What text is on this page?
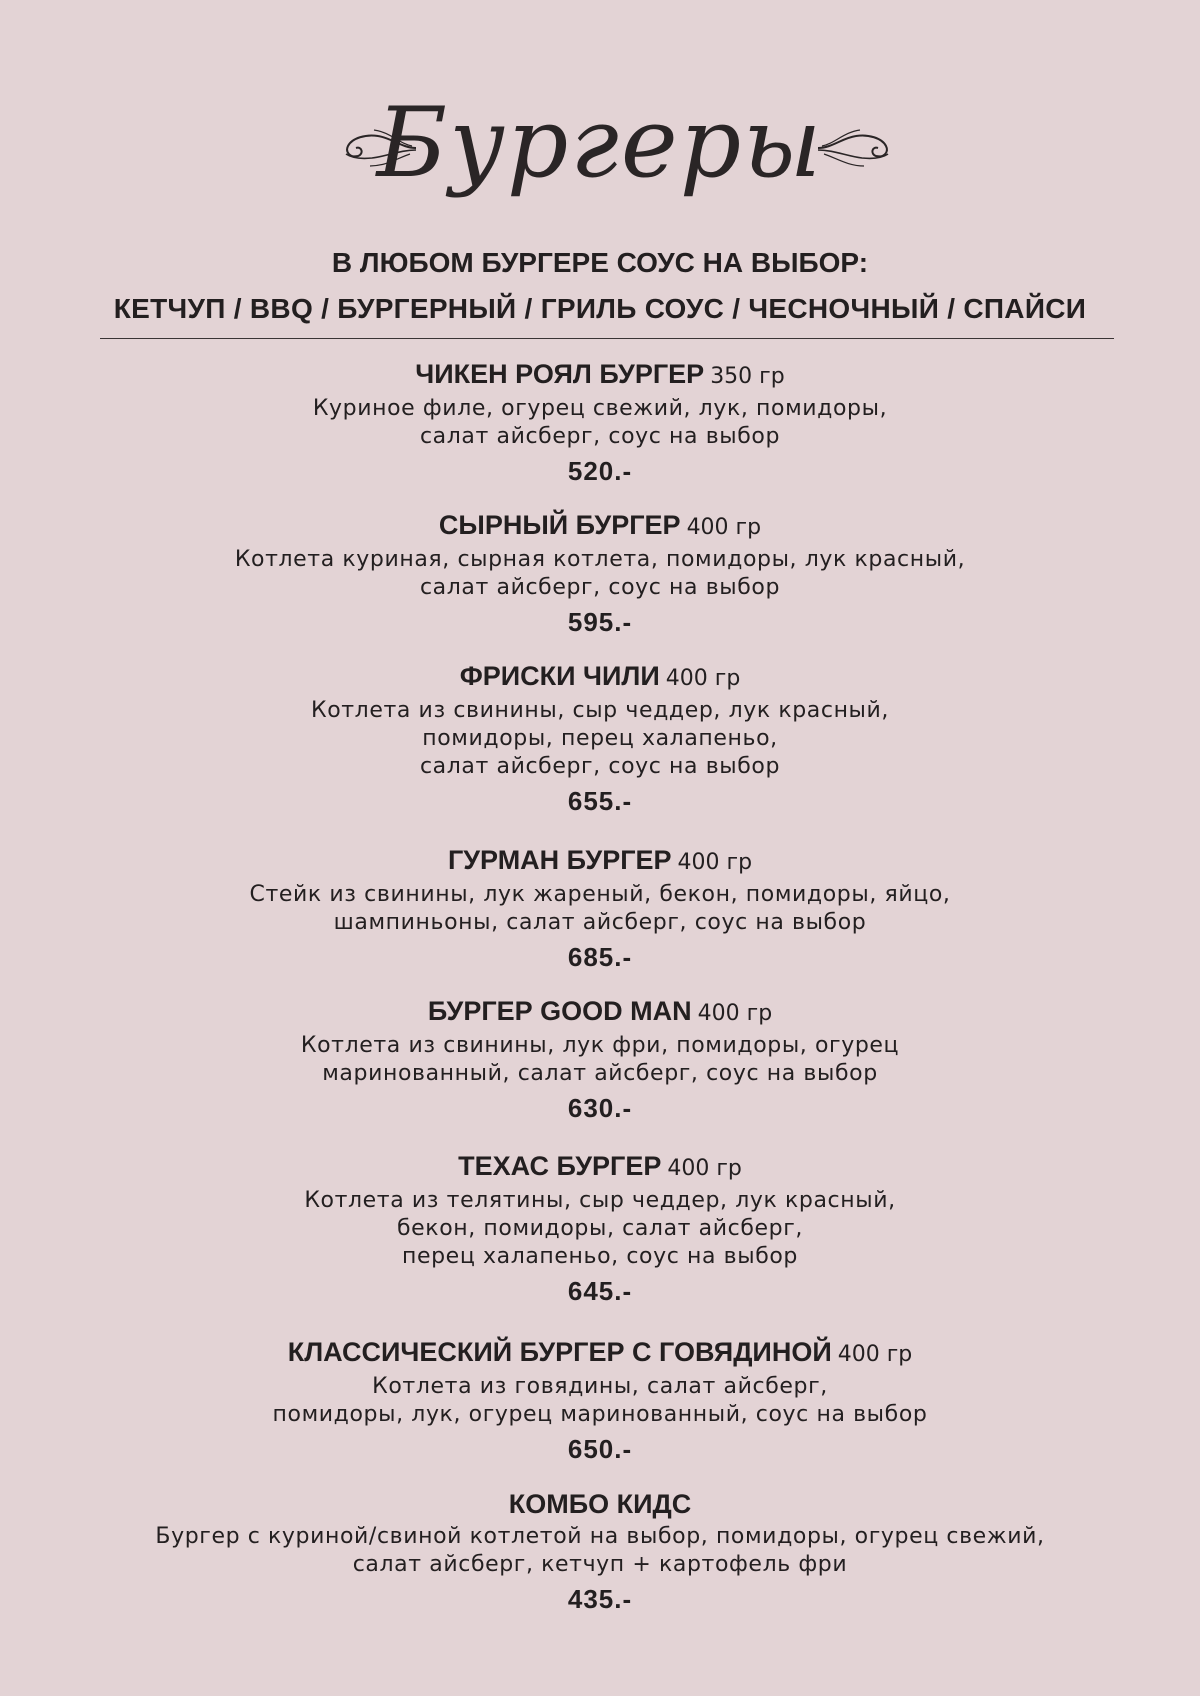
Бургеры
В ЛЮБОМ БУРГЕРЕ СОУС НА ВЫБОР:
КЕТЧУП / BBQ / БУРГЕРНЫЙ / ГРИЛЬ СОУС / ЧЕСНОЧНЫЙ / СПАЙСИ
ЧИКЕН РОЯЛ БУРГЕР 350 гр
Куриное филе, огурец свежий, лук, помидоры,
салат айсберг, соус на выбор
520.-
СЫРНЫЙ БУРГЕР 400 гр
Котлета куриная, сырная котлета, помидоры, лук красный,
салат айсберг, соус на выбор
595.-
ФРИСКИ ЧИЛИ 400 гр
Котлета из свинины, сыр чеддер, лук красный,
помидоры, перец халапеньо,
салат айсберг, соус на выбор
655.-
ГУРМАН БУРГЕР 400 гр
Стейк из свинины, лук жареный, бекон, помидоры, яйцо,
шампиньоны, салат айсберг, соус на выбор
685.-
БУРГЕР GOOD MAN 400 гр
Котлета из свинины, лук фри, помидоры, огурец
маринованный, салат айсберг, соус на выбор
630.-
ТЕХАС БУРГЕР 400 гр
Котлета из телятины, сыр чеддер, лук красный,
бекон, помидоры, салат айсберг,
перец халапеньо, соус на выбор
645.-
КЛАССИЧЕСКИЙ БУРГЕР С ГОВЯДИНОЙ 400 гр
Котлета из говядины, салат айсберг,
помидоры, лук, огурец маринованный, соус на выбор
650.-
КОМБО КИДС
Бургер с куриной/свиной котлетой на выбор, помидоры, огурец свежий,
салат айсберг, кетчуп + картофель фри
435.-
